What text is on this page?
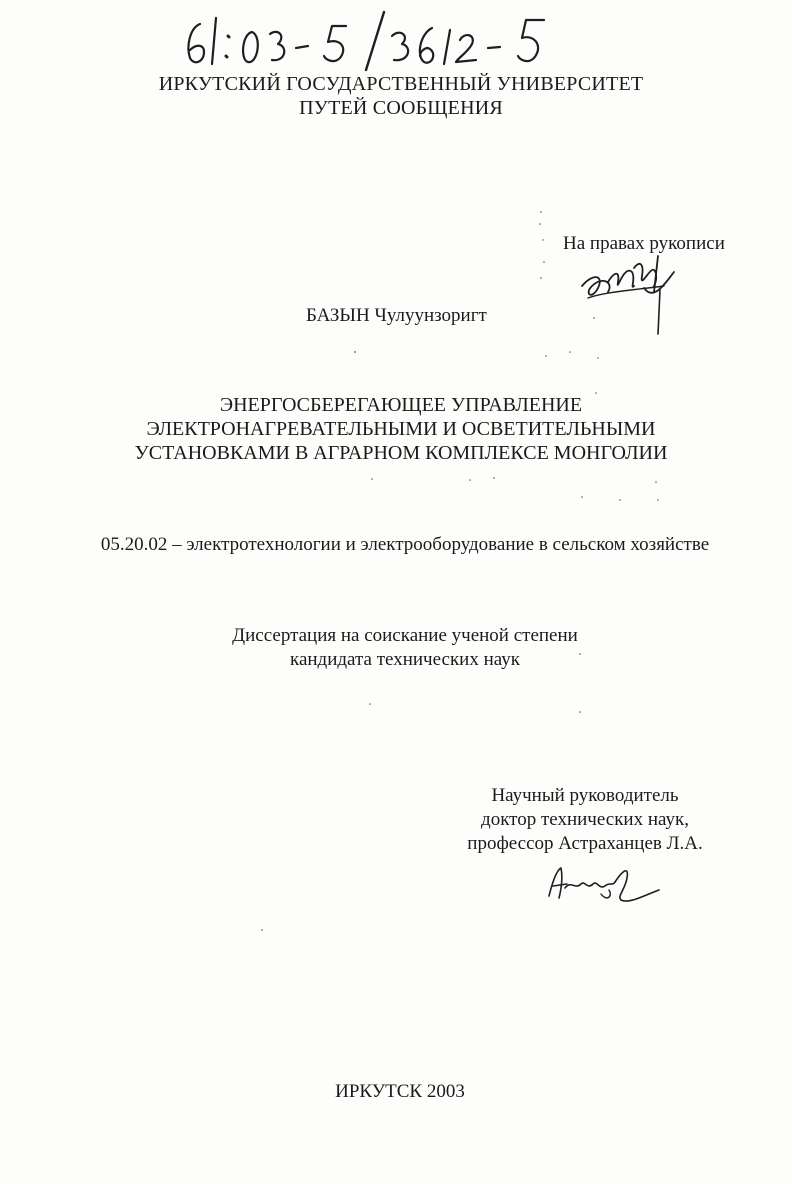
ИРКУТСКИЙ ГОСУДАРСТВЕННЫЙ УНИВЕРСИТЕТ
ПУТЕЙ СООБЩЕНИЯ
На правах рукописи
БАЗЫН Чулуунзоригт
ЭНЕРГОСБЕРЕГАЮЩЕЕ УПРАВЛЕНИЕ
ЭЛЕКТРОНАГРЕВАТЕЛЬНЫМИ И ОСВЕТИТЕЛЬНЫМИ
УСТАНОВКАМИ В АГРАРНОМ КОМПЛЕКСЕ МОНГОЛИИ
05.20.02 – электротехнологии и электрооборудование в сельском хозяйстве
Диссертация на соискание ученой степени
кандидата технических наук
Научный руководитель
доктор технических наук,
профессор Астраханцев Л.А.
ИРКУТСК 2003
